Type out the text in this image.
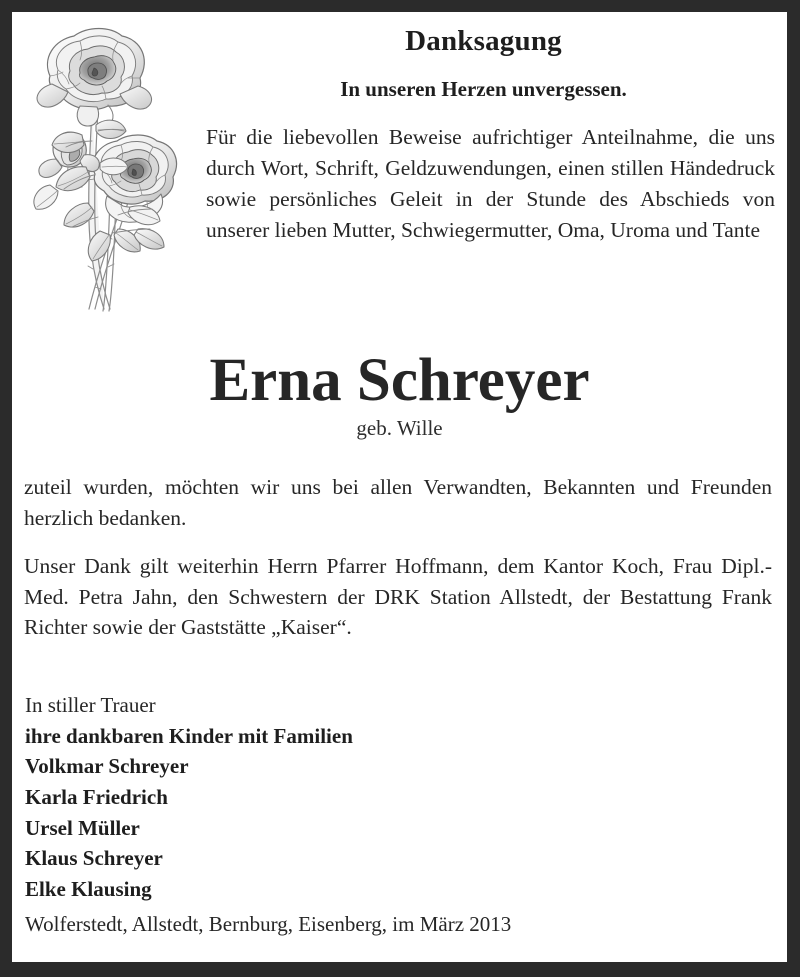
Danksagung

In unseren Herzen unvergessen.

Für die liebevollen Beweise aufrichtiger Anteilnahme, die uns durch Wort, Schrift, Geldzuwendungen, einen stillen Händedruck sowie persönliches Geleit in der Stunde des Abschieds von unserer lieben Mutter, Schwiegermutter, Oma, Uroma und Tante

Erna Schreyer

geb. Wille

zuteil wurden, möchten wir uns bei allen Verwandten, Bekannten und Freunden herzlich bedanken.

Unser Dank gilt weiterhin Herrn Pfarrer Hoffmann, dem Kantor Koch, Frau Dipl.-Med. Petra Jahn, den Schwestern der DRK Station Allstedt, der Bestattung Frank Richter sowie der Gaststätte „Kaiser“.

In stiller Trauer

ihre dankbaren Kinder mit Familien

Volkmar Schreyer

Karla Friedrich

Ursel Müller

Klaus Schreyer

Elke Klausing

Wolferstedt, Allstedt, Bernburg, Eisenberg, im März 2013
